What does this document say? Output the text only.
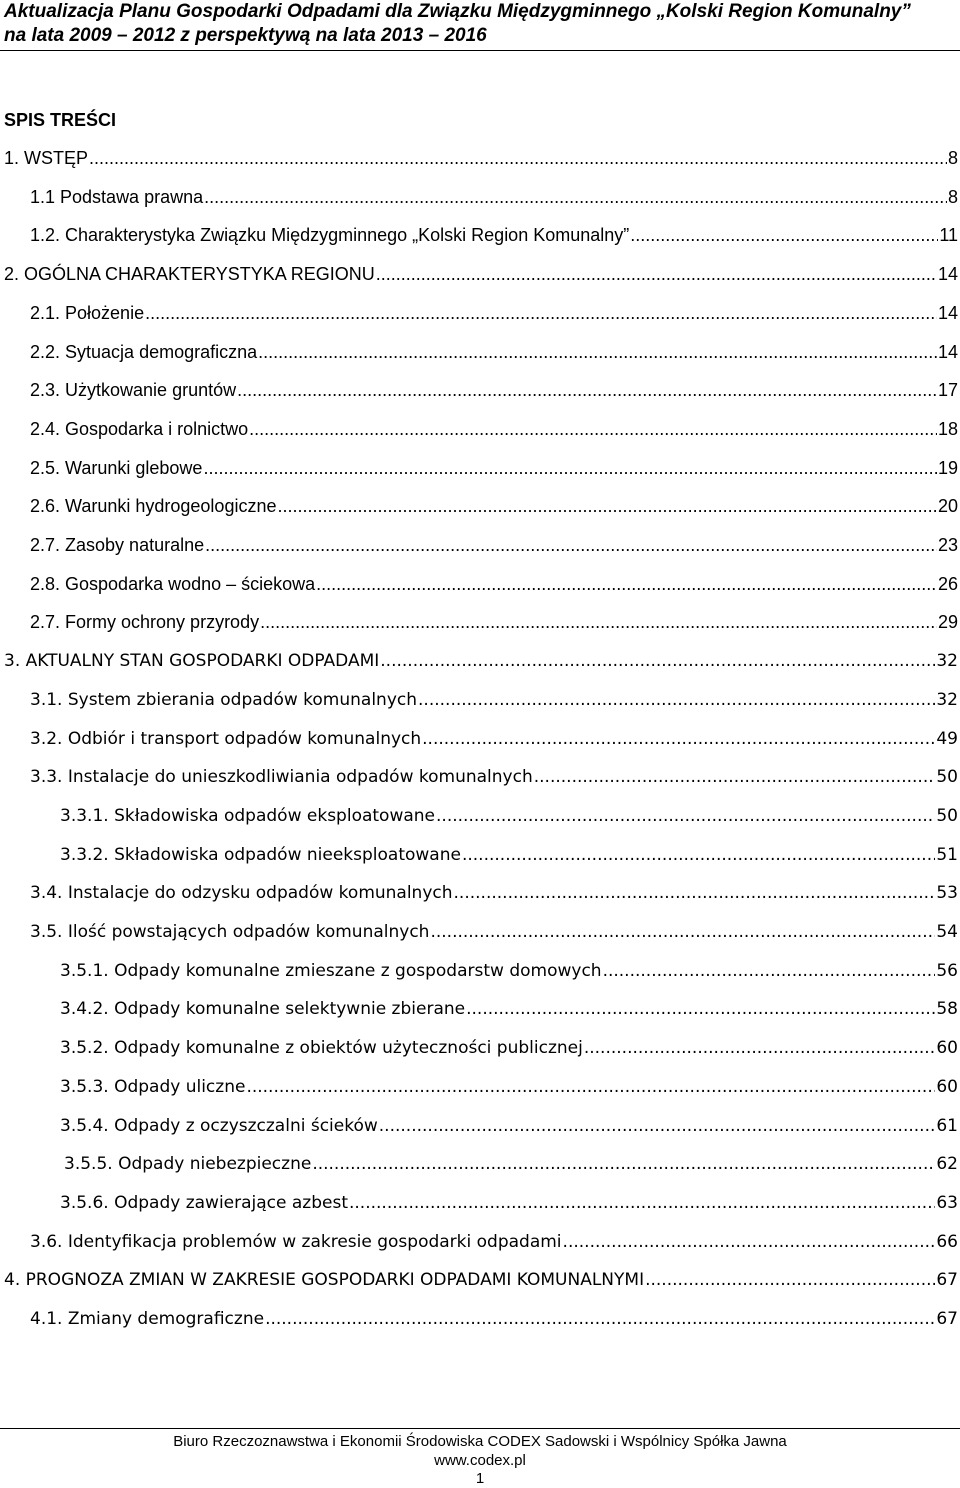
Aktualizacja Planu Gospodarki Odpadami dla Związku Międzygminnego „Kolski Region Komunalny”
na lata 2009 – 2012 z perspektywą na lata 2013 – 2016
SPIS TREŚCI
1. WSTĘP .....	8
1.1 Podstawa prawna .....	8
1.2. Charakterystyka Związku Międzygminnego „Kolski Region Komunalny” .....	11
2. OGÓLNA CHARAKTERYSTYKA REGIONU .....	14
2.1. Położenie .....	14
2.2. Sytuacja demograficzna .....	14
2.3. Użytkowanie gruntów .....	17
2.4. Gospodarka i rolnictwo .....	18
2.5. Warunki glebowe .....	19
2.6. Warunki hydrogeologiczne .....	20
2.7. Zasoby naturalne .....	23
2.8. Gospodarka wodno – ściekowa .....	26
2.7. Formy ochrony przyrody .....	29
3. AKTUALNY STAN GOSPODARKI ODPADAMI .....	32
3.1. System zbierania odpadów komunalnych .....	32
3.2. Odbiór i transport odpadów komunalnych .....	49
3.3. Instalacje do unieszkodliwiania odpadów komunalnych .....	50
3.3.1. Składowiska odpadów eksploatowane .....	50
3.3.2. Składowiska odpadów nieeksploatowane .....	51
3.4. Instalacje do odzysku odpadów komunalnych .....	53
3.5. Ilość powstających odpadów komunalnych .....	54
3.5.1. Odpady komunalne zmieszane z gospodarstw domowych .....	56
3.4.2. Odpady komunalne selektywnie zbierane .....	58
3.5.2. Odpady komunalne z obiektów użyteczności publicznej .....	60
3.5.3. Odpady uliczne .....	60
3.5.4. Odpady z oczyszczalni ścieków .....	61
3.5.5. Odpady niebezpieczne .....	62
3.5.6. Odpady zawierające azbest .....	63
3.6. Identyfikacja problemów w zakresie gospodarki odpadami .....	66
4. PROGNOZA ZMIAN W ZAKRESIE GOSPODARKI ODPADAMI KOMUNALNYMI .....	67
4.1. Zmiany demograficzne .....	67
Biuro Rzeczoznawstwa i Ekonomii Środowiska CODEX Sadowski i Wspólnicy Spółka Jawna
www.codex.pl
1
